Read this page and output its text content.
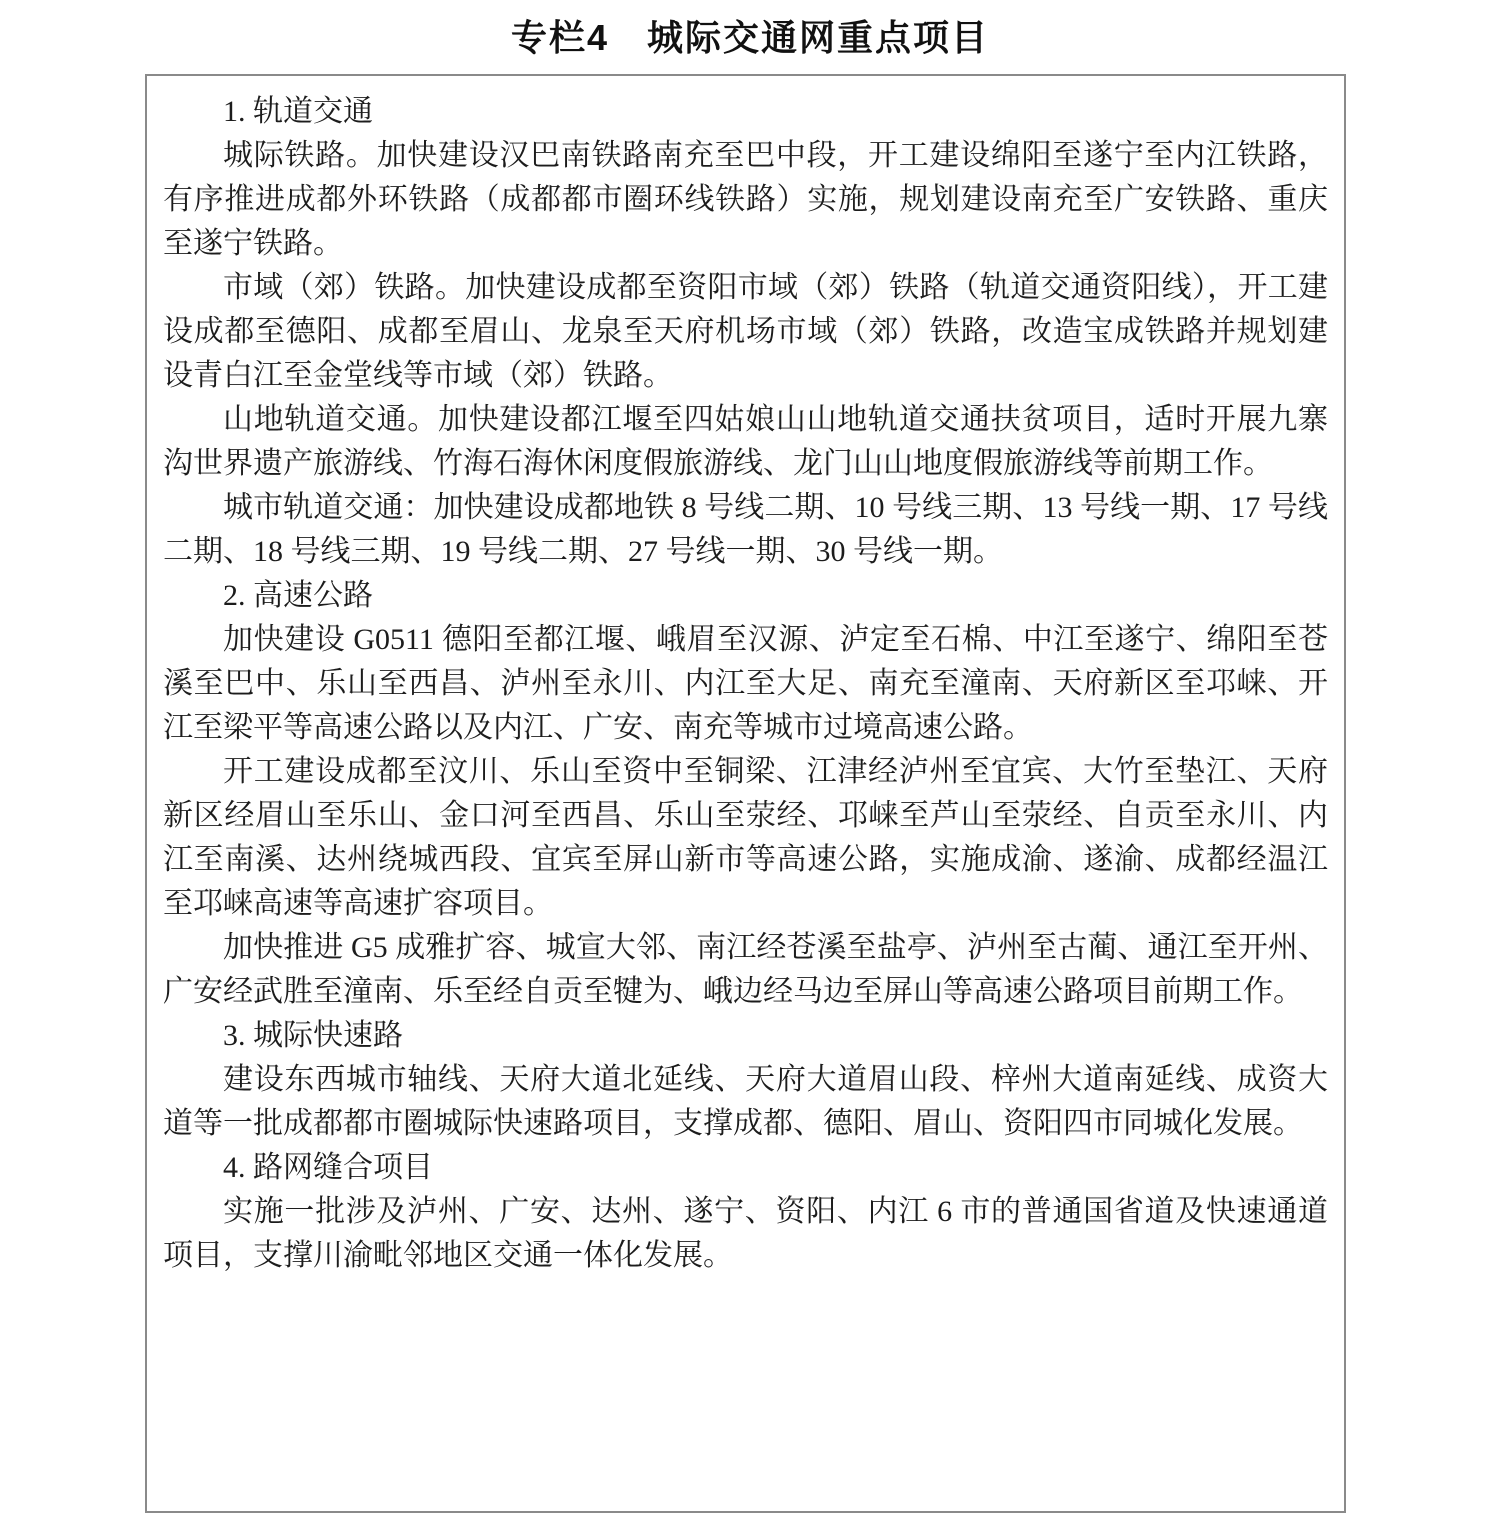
专栏4　城际交通网重点项目

1. 轨道交通

城际铁路。加快建设汉巴南铁路南充至巴中段，开工建设绵阳至遂宁至内江铁路，有序推进成都外环铁路（成都都市圈环线铁路）实施，规划建设南充至广安铁路、重庆至遂宁铁路。

市域（郊）铁路。加快建设成都至资阳市域（郊）铁路（轨道交通资阳线），开工建设成都至德阳、成都至眉山、龙泉至天府机场市域（郊）铁路，改造宝成铁路并规划建设青白江至金堂线等市域（郊）铁路。

山地轨道交通。加快建设都江堰至四姑娘山山地轨道交通扶贫项目，适时开展九寨沟世界遗产旅游线、竹海石海休闲度假旅游线、龙门山山地度假旅游线等前期工作。

城市轨道交通：加快建设成都地铁 8 号线二期、10 号线三期、13 号线一期、17 号线二期、18 号线三期、19 号线二期、27 号线一期、30 号线一期。

2. 高速公路

加快建设 G0511 德阳至都江堰、峨眉至汉源、泸定至石棉、中江至遂宁、绵阳至苍溪至巴中、乐山至西昌、泸州至永川、内江至大足、南充至潼南、天府新区至邛崃、开江至梁平等高速公路以及内江、广安、南充等城市过境高速公路。

开工建设成都至汶川、乐山至资中至铜梁、江津经泸州至宜宾、大竹至垫江、天府新区经眉山至乐山、金口河至西昌、乐山至荥经、邛崃至芦山至荥经、自贡至永川、内江至南溪、达州绕城西段、宜宾至屏山新市等高速公路，实施成渝、遂渝、成都经温江至邛崃高速等高速扩容项目。

加快推进 G5 成雅扩容、城宣大邻、南江经苍溪至盐亭、泸州至古蔺、通江至开州、广安经武胜至潼南、乐至经自贡至犍为、峨边经马边至屏山等高速公路项目前期工作。

3. 城际快速路

建设东西城市轴线、天府大道北延线、天府大道眉山段、梓州大道南延线、成资大道等一批成都都市圈城际快速路项目，支撑成都、德阳、眉山、资阳四市同城化发展。

4. 路网缝合项目

实施一批涉及泸州、广安、达州、遂宁、资阳、内江 6 市的普通国省道及快速通道项目，支撑川渝毗邻地区交通一体化发展。
